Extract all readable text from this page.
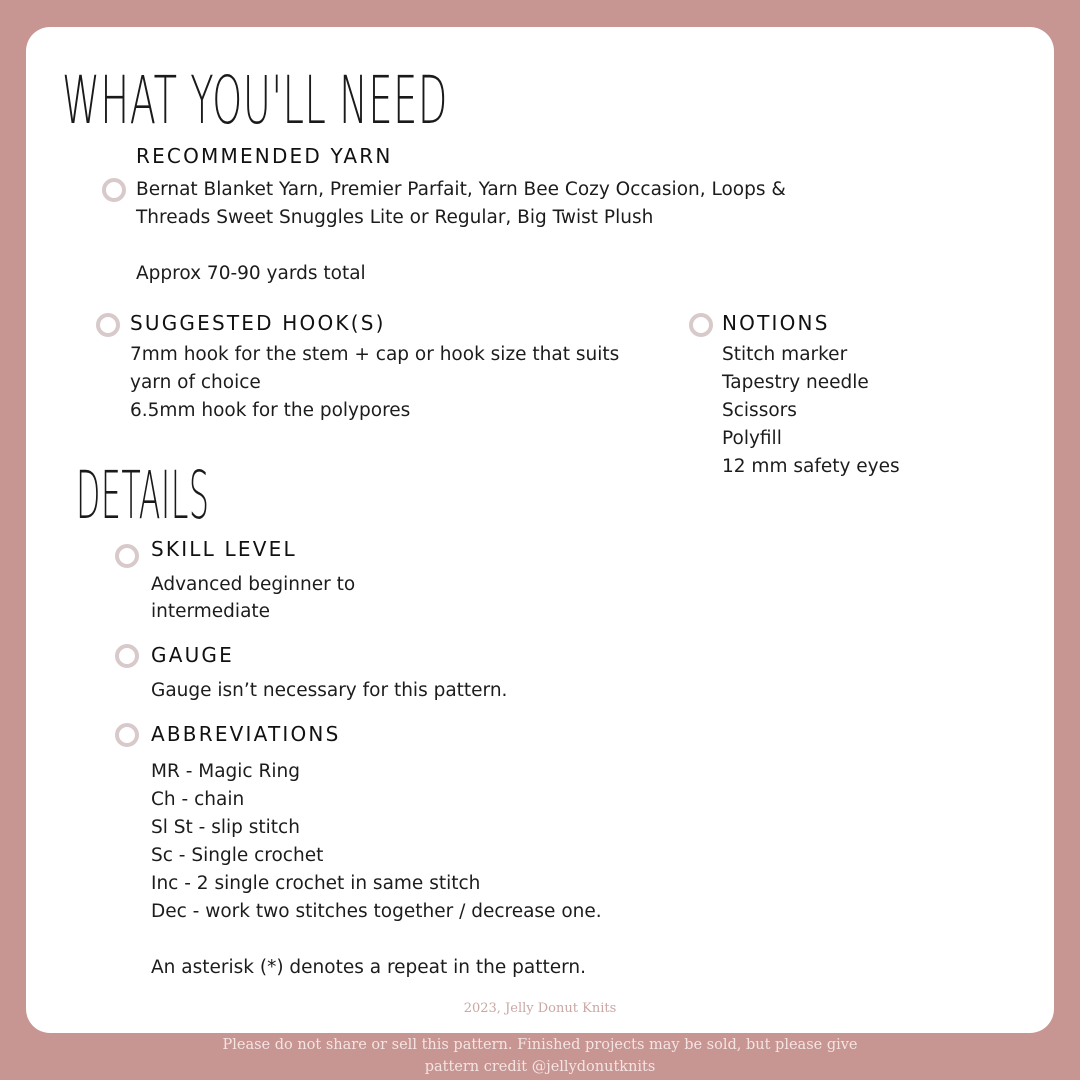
WHAT YOU'LL NEED
RECOMMENDED YARN
Bernat Blanket Yarn, Premier Parfait, Yarn Bee Cozy Occasion, Loops &
Threads Sweet Snuggles Lite or Regular, Big Twist Plush
Approx 70-90 yards total
SUGGESTED HOOK(S)
7mm hook for the stem + cap or hook size that suits
yarn of choice
6.5mm hook for the polypores
NOTIONS
Stitch marker
Tapestry needle
Scissors
Polyfill
12 mm safety eyes
DETAILS
SKILL LEVEL
Advanced beginner to
intermediate
GAUGE
Gauge isn’t necessary for this pattern.
ABBREVIATIONS
MR - Magic Ring
Ch - chain
Sl St - slip stitch
Sc - Single crochet
Inc - 2 single crochet in same stitch
Dec - work two stitches together / decrease one.
An asterisk (*) denotes a repeat in the pattern.
2023, Jelly Donut Knits
Please do not share or sell this pattern. Finished projects may be sold, but please give
pattern credit @jellydonutknits
